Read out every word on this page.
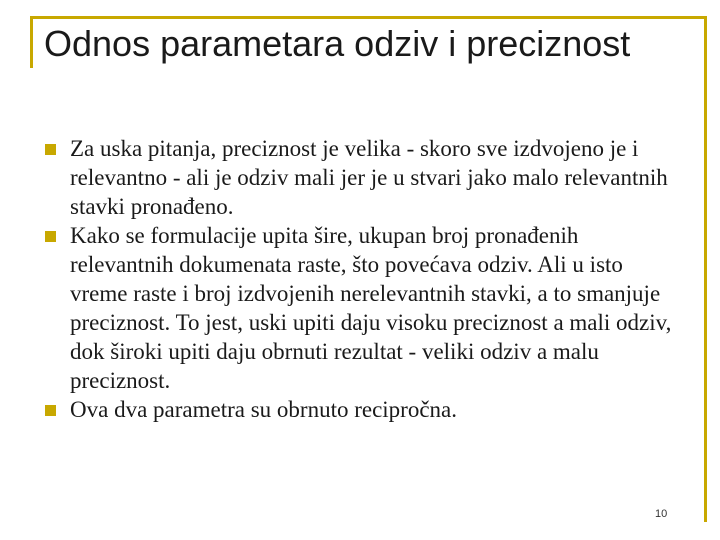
Odnos parametara odziv i preciznost
Za uska pitanja, preciznost je velika - skoro sve izdvojeno je i relevantno - ali je odziv mali jer je u stvari jako malo relevantnih stavki pronađeno.
Kako se formulacije upita šire, ukupan broj pronađenih relevantnih dokumenata raste, što povećava odziv. Ali u isto vreme raste i broj izdvojenih nerelevantnih stavki, a to smanjuje preciznost. To jest, uski upiti daju visoku preciznost a mali odziv, dok široki upiti daju obrnuti rezultat - veliki odziv a malu preciznost.
Ova dva parametra su obrnuto recipročna.
10
